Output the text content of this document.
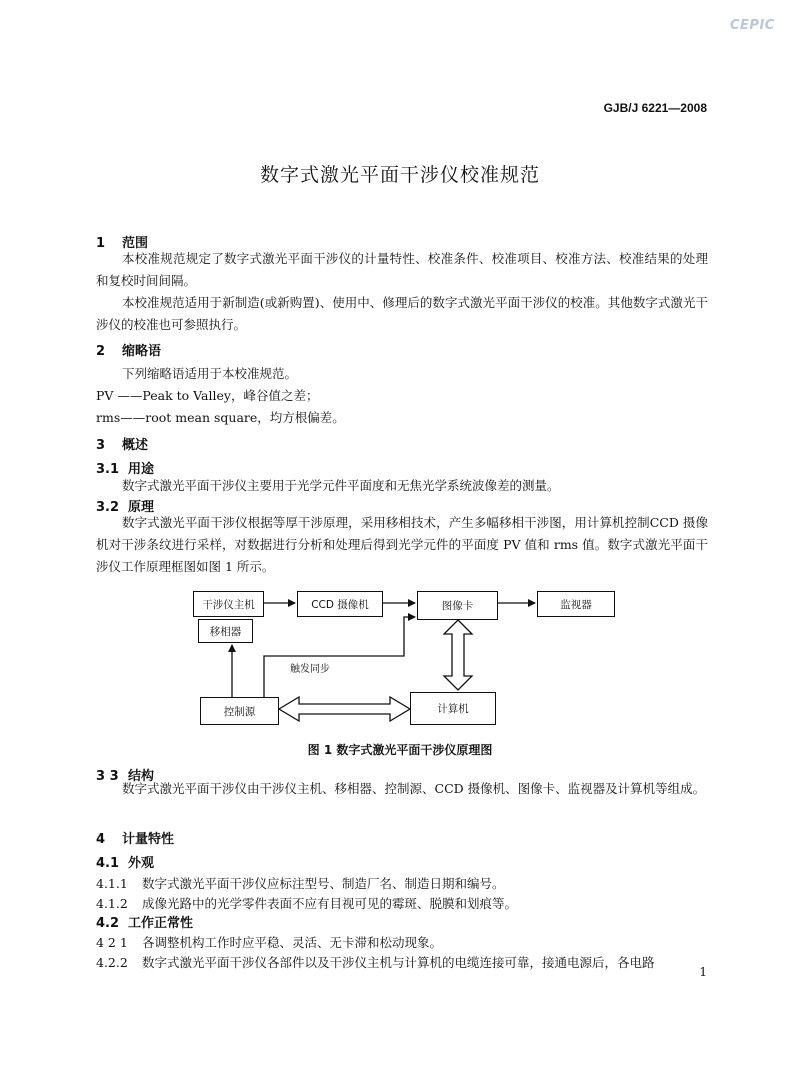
CEPIC
GJB/J 6221—2008
数字式激光平面干涉仪校准规范
1 范围
本校准规范规定了数字式激光平面干涉仪的计量特性、校准条件、校准项目、校准方法、校准结果的处理和复校时间间隔。
本校准规范适用于新制造(或新购置)、使用中、修理后的数字式激光平面干涉仪的校准。其他数字式激光干涉仪的校准也可参照执行。
2 缩略语
下列缩略语适用于本校准规范。
PV ——Peak to Valley，峰谷值之差；
rms——root mean square，均方根偏差。
3 概述
3.1 用途
数字式激光平面干涉仪主要用于光学元件平面度和无焦光学系统波像差的测量。
3.2 原理
数字式激光平面干涉仪根据等厚干涉原理，采用移相技术，产生多幅移相干涉图，用计算机控制CCD 摄像机对干涉条纹进行采样，对数据进行分析和处理后得到光学元件的平面度 PV 值和 rms 值。数字式激光平面干涉仪工作原理框图如图 1 所示。
干涉仪主机
移相器
CCD 摄像机	图像卡	监视器
控制源	计算机
触发同步
图 1 数字式激光平面干涉仪原理图
3 3 结构
数字式激光平面干涉仪由干涉仪主机、移相器、控制源、CCD 摄像机、图像卡、监视器及计算机等组成。
4 计量特性
4.1 外观
4.1.1 数字式激光平面干涉仪应标注型号、制造厂名、制造日期和编号。
4.1.2 成像光路中的光学零件表面不应有目视可见的霉斑、脱膜和划痕等。
4.2 工作正常性
4 2 1 各调整机构工作时应平稳、灵活、无卡滞和松动现象。
4.2.2 数字式激光平面干涉仪各部件以及干涉仪主机与计算机的电缆连接可靠，接通电源后，各电路
1
